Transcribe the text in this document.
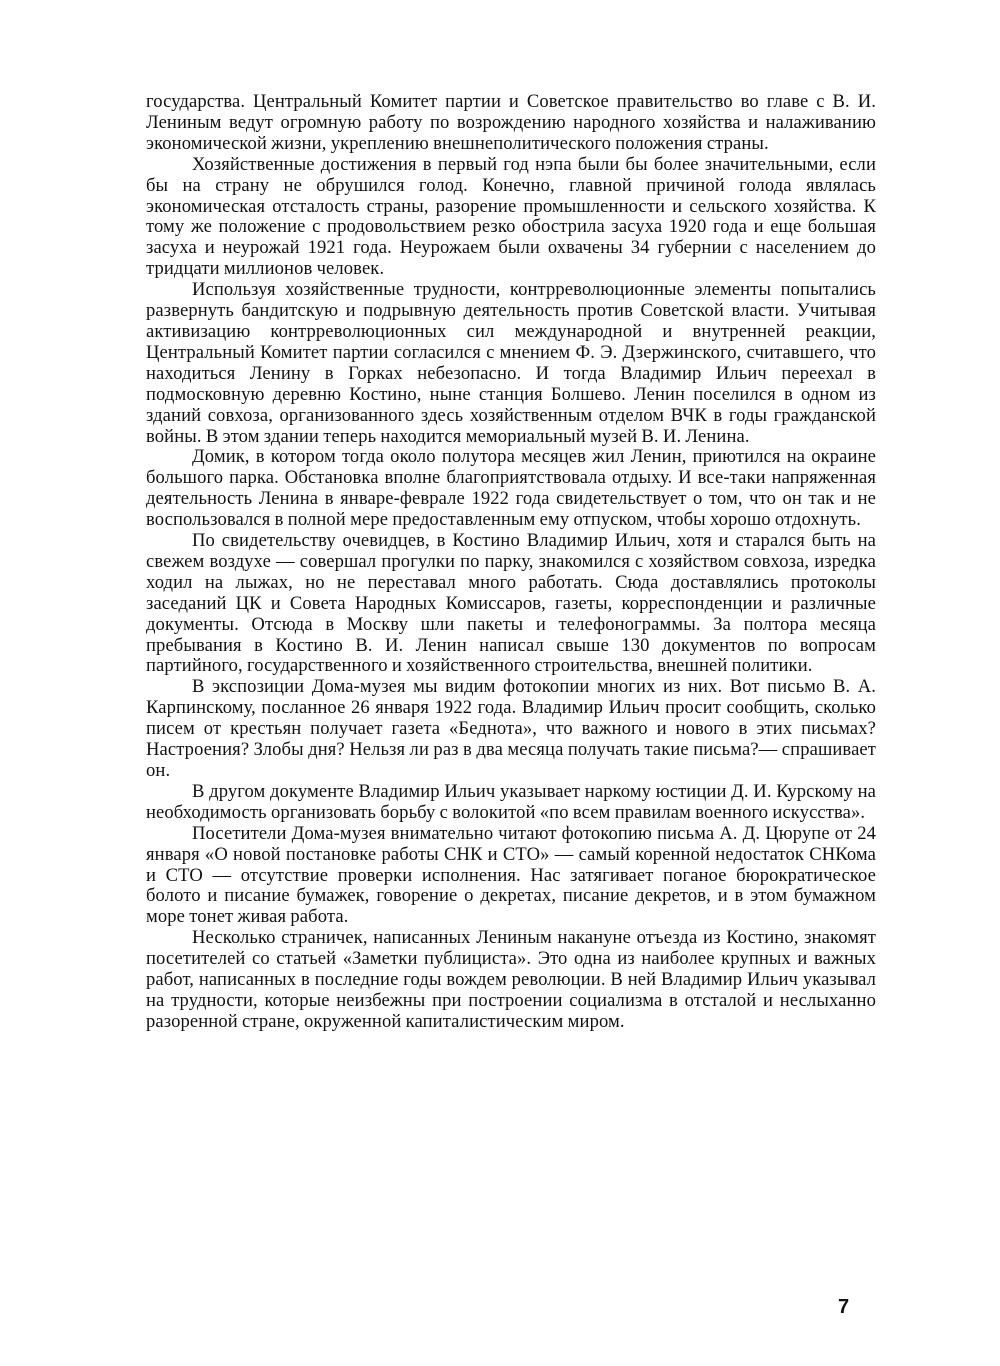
государства. Центральный Комитет партии и Советское правительство во главе с В. И. Лениным ведут огромную работу по возрождению народного хозяйства и налаживанию экономической жизни, укреплению внешнеполитического положения страны.

Хозяйственные достижения в первый год нэпа были бы более значительными, если бы на страну не обрушился голод. Конечно, главной причиной голода являлась экономическая отсталость страны, разорение промышленности и сельского хозяйства. К тому же положение с продовольствием резко обострила засуха 1920 года и еще большая засуха и неурожай 1921 года. Неурожаем были охвачены 34 губернии с населением до тридцати миллионов человек.

Используя хозяйственные трудности, контрреволюционные элементы попытались развернуть бандитскую и подрывную деятельность против Советской власти. Учитывая активизацию контрреволюционных сил международной и внутренней реакции, Центральный Комитет партии согласился с мнением Ф. Э. Дзержинского, считавшего, что находиться Ленину в Горках небезопасно. И тогда Владимир Ильич переехал в подмосковную деревню Костино, ныне станция Болшево. Ленин поселился в одном из зданий совхоза, организованного здесь хозяйственным отделом ВЧК в годы гражданской войны. В этом здании теперь находится мемориальный музей В. И. Ленина.

Домик, в котором тогда около полутора месяцев жил Ленин, приютился на окраине большого парка. Обстановка вполне благоприятствовала отдыху. И все-таки напряженная деятельность Ленина в январе-феврале 1922 года свидетельствует о том, что он так и не воспользовался в полной мере предоставленным ему отпуском, чтобы хорошо отдохнуть.

По свидетельству очевидцев, в Костино Владимир Ильич, хотя и старался быть на свежем воздухе — совершал прогулки по парку, знакомился с хозяйством совхоза, изредка ходил на лыжах, но не переставал много работать. Сюда доставлялись протоколы заседаний ЦК и Совета Народных Комиссаров, газеты, корреспонденции и различные документы. Отсюда в Москву шли пакеты и телефонограммы. За полтора месяца пребывания в Костино В. И. Ленин написал свыше 130 документов по вопросам партийного, государственного и хозяйственного строительства, внешней политики.

В экспозиции Дома-музея мы видим фотокопии многих из них. Вот письмо В. А. Карпинскому, посланное 26 января 1922 года. Владимир Ильич просит сообщить, сколько писем от крестьян получает газета «Беднота», что важного и нового в этих письмах? Настроения? Злобы дня? Нельзя ли раз в два месяца получать такие письма?— спрашивает он.

В другом документе Владимир Ильич указывает наркому юстиции Д. И. Курскому на необходимость организовать борьбу с волокитой «по всем правилам военного искусства».

Посетители Дома-музея внимательно читают фотокопию письма А. Д. Цюрупе от 24 января «О новой постановке работы СНК и СТО» — самый коренной недостаток СНКома и СТО — отсутствие проверки исполнения. Нас затягивает поганое бюрократическое болото и писание бумажек, говорение о декретах, писание декретов, и в этом бумажном море тонет живая работа.

Несколько страничек, написанных Лениным накануне отъезда из Костино, знакомят посетителей со статьей «Заметки публициста». Это одна из наиболее крупных и важных работ, написанных в последние годы вождем революции. В ней Владимир Ильич указывал на трудности, которые неизбежны при построении социализма в отсталой и неслыханно разоренной стране, окруженной капиталистическим миром.

7
